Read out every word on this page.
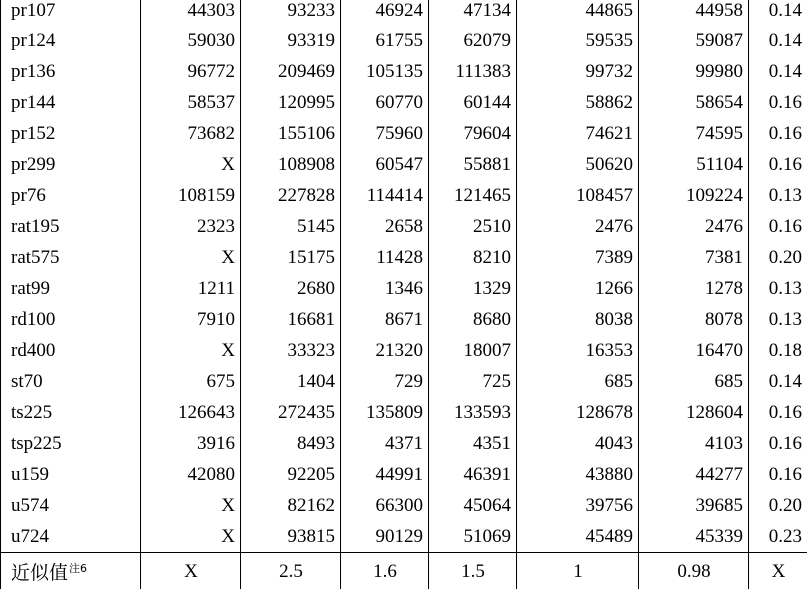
pr107	44303	93233	46924	47134	44865	44958	0.14
pr124	59030	93319	61755	62079	59535	59087	0.14
pr136	96772	209469	105135	111383	99732	99980	0.14
pr144	58537	120995	60770	60144	58862	58654	0.16
pr152	73682	155106	75960	79604	74621	74595	0.16
pr299	X	108908	60547	55881	50620	51104	0.16
pr76	108159	227828	114414	121465	108457	109224	0.13
rat195	2323	5145	2658	2510	2476	2476	0.16
rat575	X	15175	11428	8210	7389	7381	0.20
rat99	1211	2680	1346	1329	1266	1278	0.13
rd100	7910	16681	8671	8680	8038	8078	0.13
rd400	X	33323	21320	18007	16353	16470	0.18
st70	675	1404	729	725	685	685	0.14
ts225	126643	272435	135809	133593	128678	128604	0.16
tsp225	3916	8493	4371	4351	4043	4103	0.16
u159	42080	92205	44991	46391	43880	44277	0.16
u574	X	82162	66300	45064	39756	39685	0.20
u724	X	93815	90129	51069	45489	45339	0.23
近似值$^{注6}$	X	2.5	1.6	1.5	1	0.98	X
